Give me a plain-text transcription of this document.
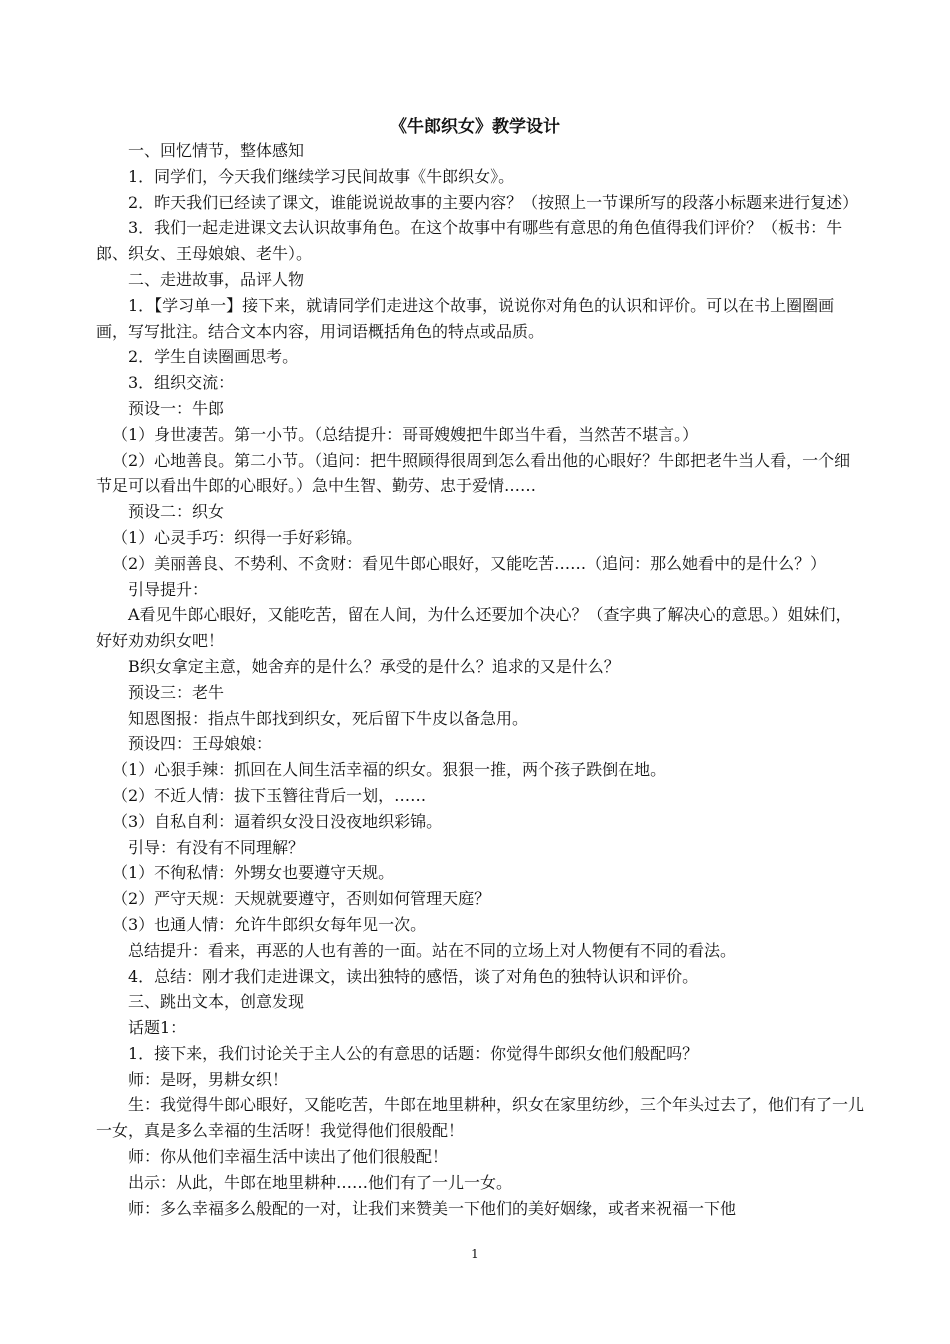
《牛郎织女》教学设计

一、回忆情节，整体感知

1．同学们，今天我们继续学习民间故事《牛郎织女》。

2．昨天我们已经读了课文，谁能说说故事的主要内容？（按照上一节课所写的段落小标题来进行复述）

3．我们一起走进课文去认识故事角色。在这个故事中有哪些有意思的角色值得我们评价？（板书：牛郎、织女、王母娘娘、老牛）。

二、走进故事，品评人物

1．【学习单一】接下来，就请同学们走进这个故事，说说你对角色的认识和评价。可以在书上圈圈画画，写写批注。结合文本内容，用词语概括角色的特点或品质。

2．学生自读圈画思考。

3．组织交流：

预设一：牛郎

（1）身世凄苦。第一小节。（总结提升：哥哥嫂嫂把牛郎当牛看，当然苦不堪言。）

（2）心地善良。第二小节。（追问：把牛照顾得很周到怎么看出他的心眼好？牛郎把老牛当人看，一个细节足可以看出牛郎的心眼好。）急中生智、勤劳、忠于爱情……

预设二：织女

（1）心灵手巧：织得一手好彩锦。

（2）美丽善良、不势利、不贪财：看见牛郎心眼好，又能吃苦……（追问：那么她看中的是什么？）

引导提升：

A看见牛郎心眼好，又能吃苦，留在人间，为什么还要加个决心？（查字典了解决心的意思。）姐妹们，好好劝劝织女吧！

B织女拿定主意，她舍弃的是什么？承受的是什么？追求的又是什么？

预设三：老牛

知恩图报：指点牛郎找到织女，死后留下牛皮以备急用。

预设四：王母娘娘：

（1）心狠手辣：抓回在人间生活幸福的织女。狠狠一推，两个孩子跌倒在地。

（2）不近人情：拔下玉簪往背后一划，……

（3）自私自利：逼着织女没日没夜地织彩锦。

引导：有没有不同理解？

（1）不徇私情：外甥女也要遵守天规。

（2）严守天规：天规就要遵守，否则如何管理天庭？

（3）也通人情：允许牛郎织女每年见一次。

总结提升：看来，再恶的人也有善的一面。站在不同的立场上对人物便有不同的看法。

4．总结：刚才我们走进课文，读出独特的感悟，谈了对角色的独特认识和评价。

三、跳出文本，创意发现

话题1：

1．接下来，我们讨论关于主人公的有意思的话题：你觉得牛郎织女他们般配吗？

师：是呀，男耕女织！

生：我觉得牛郎心眼好，又能吃苦，牛郎在地里耕种，织女在家里纺纱，三个年头过去了，他们有了一儿一女，真是多么幸福的生活呀！我觉得他们很般配！

师：你从他们幸福生活中读出了他们很般配！

出示：从此，牛郎在地里耕种……他们有了一儿一女。

师：多么幸福多么般配的一对，让我们来赞美一下他们的美好姻缘，或者来祝福一下他

1
